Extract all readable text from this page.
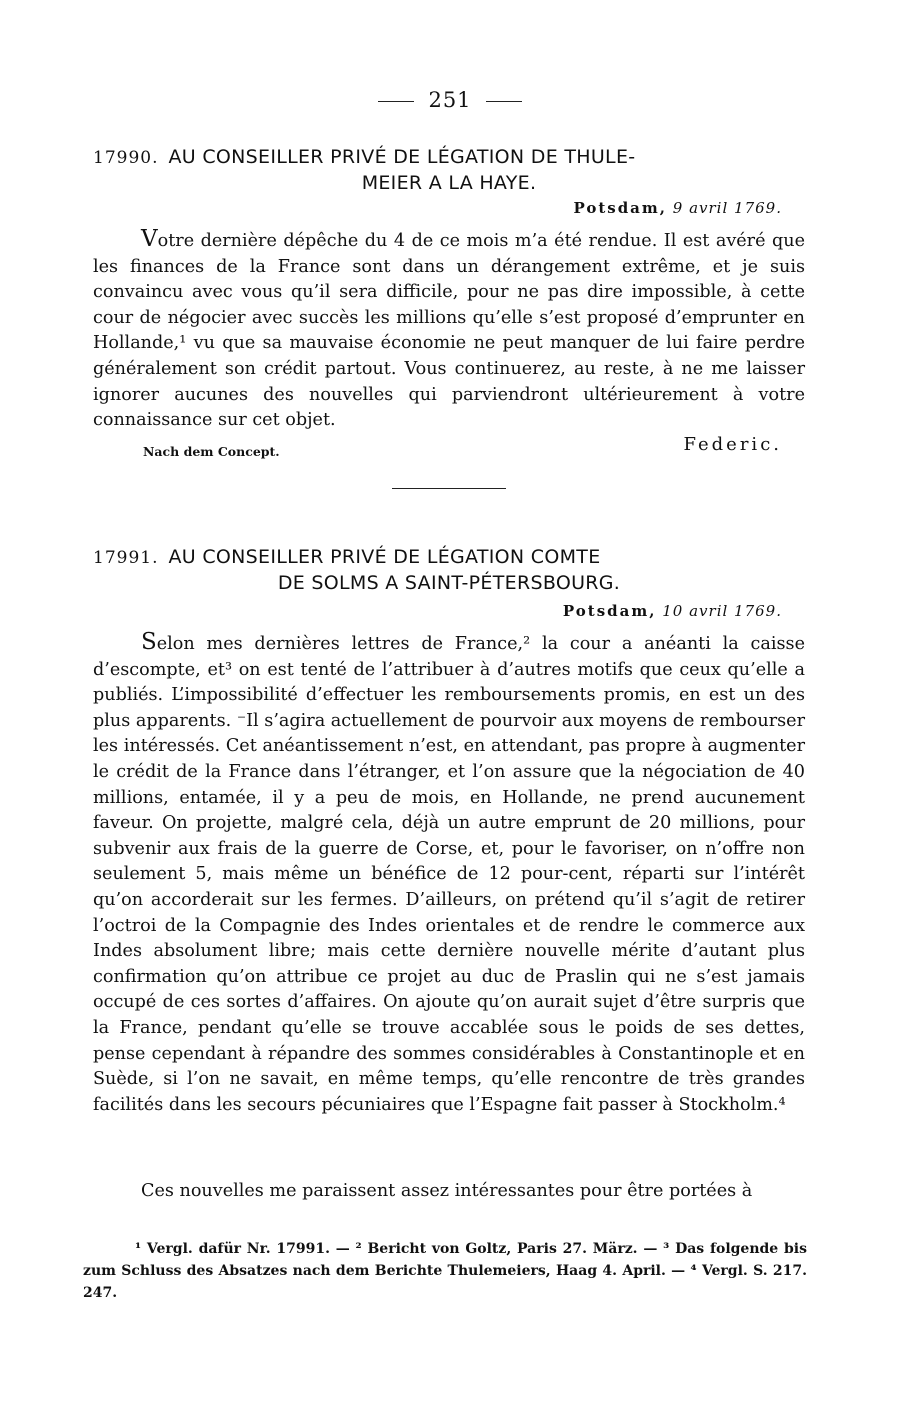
251
17990. AU CONSEILLER PRIVÉ DE LÉGATION DE THULE-
MEIER A LA HAYE.
Potsdam, 9 avril 1769.
Votre dernière dépêche du 4 de ce mois m’a été rendue. Il est avéré que les finances de la France sont dans un dérangement extrême, et je suis convaincu avec vous qu’il sera difficile, pour ne pas dire impossible, à cette cour de négocier avec succès les millions qu’elle s’est proposé d’emprunter en Hollande,¹ vu que sa mauvaise économie ne peut manquer de lui faire perdre généralement son crédit partout. Vous continuerez, au reste, à ne me laisser ignorer aucunes des nouvelles qui parviendront ultérieurement à votre connaissance sur cet objet.
Nach dem Concept.	Federic.
17991. AU CONSEILLER PRIVÉ DE LÉGATION COMTE
DE SOLMS A SAINT-PÉTERSBOURG.
Potsdam, 10 avril 1769.
Selon mes dernières lettres de France,² la cour a anéanti la caisse d’escompte, et³ on est tenté de l’attribuer à d’autres motifs que ceux qu’elle a publiés. L’impossibilité d’effectuer les remboursements promis, en est un des plus apparents. ⁻Il s’agira actuellement de pourvoir aux moyens de rembourser les intéressés. Cet anéantissement n’est, en attendant, pas propre à augmenter le crédit de la France dans l’étranger, et l’on assure que la négociation de 40 millions, entamée, il y a peu de mois, en Hollande, ne prend aucunement faveur. On projette, malgré cela, déjà un autre emprunt de 20 millions, pour subvenir aux frais de la guerre de Corse, et, pour le favoriser, on n’offre non seulement 5, mais même un bénéfice de 12 pour-cent, réparti sur l’intérêt qu’on accorderait sur les fermes. D’ailleurs, on prétend qu’il s’agit de retirer l’octroi de la Compagnie des Indes orientales et de rendre le commerce aux Indes absolument libre; mais cette dernière nouvelle mérite d’autant plus confirmation qu’on attribue ce projet au duc de Praslin qui ne s’est jamais occupé de ces sortes d’affaires. On ajoute qu’on aurait sujet d’être surpris que la France, pendant qu’elle se trouve accablée sous le poids de ses dettes, pense cependant à répandre des sommes considérables à Constantinople et en Suède, si l’on ne savait, en même temps, qu’elle rencontre de très grandes facilités dans les secours pécuniaires que l’Espagne fait passer à Stockholm.⁴
Ces nouvelles me paraissent assez intéressantes pour être portées à
¹ Vergl. dafür Nr. 17991. — ² Bericht von Goltz, Paris 27. März. — ³ Das folgende bis zum Schluss des Absatzes nach dem Berichte Thulemeiers, Haag 4. April. — ⁴ Vergl. S. 217. 247.
